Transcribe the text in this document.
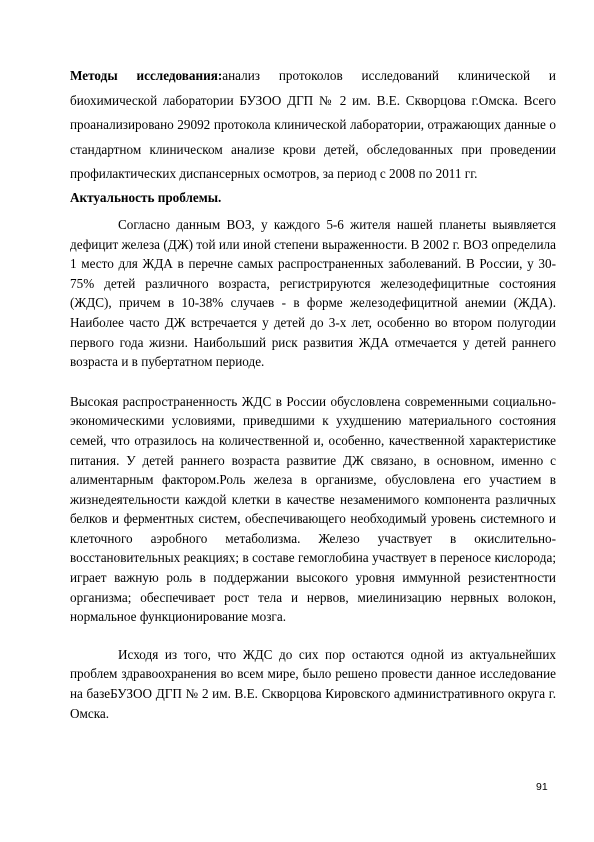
Методы исследования:анализ протоколов исследований клинической и биохимической лаборатории БУЗОО ДГП № 2 им. В.Е. Скворцова г.Омска. Всего проанализировано 29092 протокола клинической лаборатории, отражающих данные о стандартном клиническом анализе крови детей, обследованных при проведении профилактических диспансерных осмотров, за период с 2008 по 2011 гг.

Актуальность проблемы.

Согласно данным ВОЗ, у каждого 5-6 жителя нашей планеты выявляется дефицит железа (ДЖ) той или иной степени выраженности. В 2002 г. ВОЗ определила 1 место для ЖДА в перечне самых распространенных заболеваний. В России, у 30-75% детей различного возраста, регистрируются железодефицитные состояния (ЖДС), причем в 10-38% случаев - в форме железодефицитной анемии (ЖДА). Наиболее часто ДЖ встречается у детей до 3-х лет, особенно во втором полугодии первого года жизни. Наибольший риск развития ЖДА отмечается у детей раннего возраста и в пубертатном периоде.

Высокая распространенность ЖДС в России обусловлена современными социально-экономическими условиями, приведшими к ухудшению материального состояния семей, что отразилось на количественной и, особенно, качественной характеристике питания. У детей раннего возраста развитие ДЖ связано, в основном, именно с алиментарным фактором.Роль железа в организме, обусловлена его участием в жизнедеятельности каждой клетки в качестве незаменимого компонента различных белков и ферментных систем, обеспечивающего необходимый уровень системного и клеточного аэробного метаболизма. Железо участвует в окислительно-восстановительных реакциях; в составе гемоглобина участвует в переносе кислорода; играет важную роль в поддержании высокого уровня иммунной резистентности организма; обеспечивает рост тела и нервов, миелинизацию нервных волокон, нормальное функционирование мозга.

Исходя из того, что ЖДС до сих пор остаются одной из актуальнейших проблем здравоохранения во всем мире, было решено провести данное исследование на базеБУЗОО ДГП № 2 им. В.Е. Скворцова Кировского административного округа г. Омска.

91
